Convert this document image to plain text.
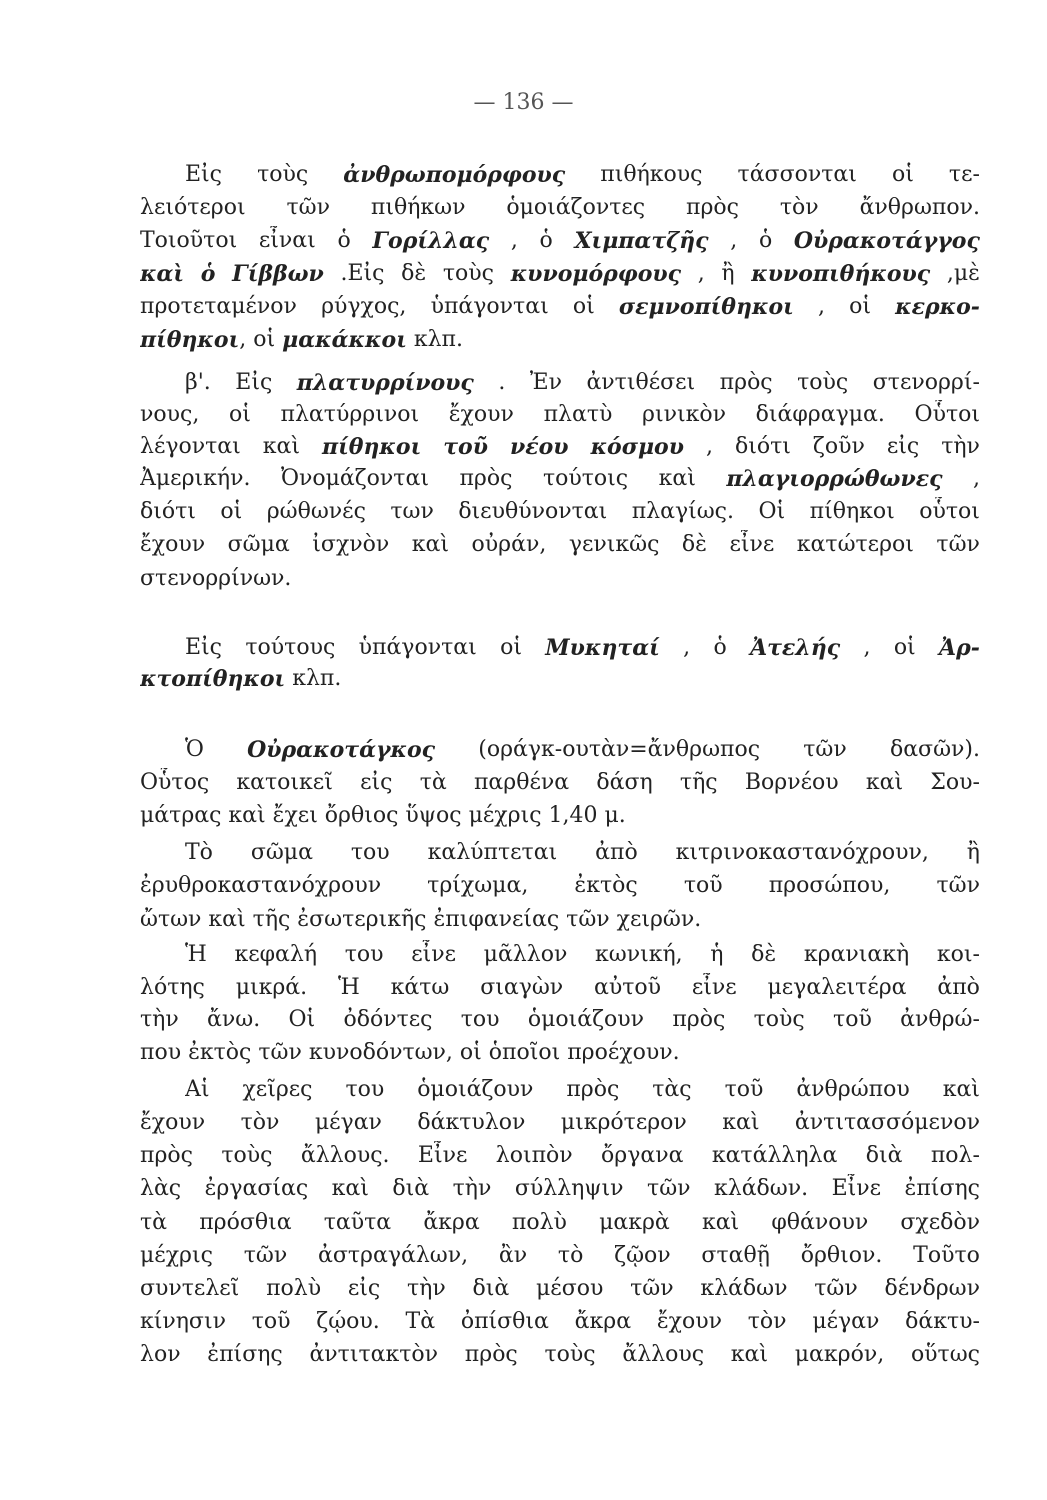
— 136 —
Εἰς τοὺς ἀνθρωπομόρφους πιθήκους τάσσονται οἱ τε-
λειότεροι τῶν πιθήκων ὁμοιάζοντες πρὸς τὸν ἄνθρωπον.
Τοιοῦτοι εἶναι ὁ Γορίλλας , ὁ Χιμπατζῆς , ὁ Οὐρακοτάγγος
καὶ ὁ Γίββων .Εἰς δὲ τοὺς κυνομόρφους , ἢ κυνοπιθήκους ,μὲ
προτεταμένον ρύγχος, ὑπάγονται οἱ σεμνοπίθηκοι , οἱ κερκο-
πίθηκοι , οἱ μακάκκοι κλπ.
β'. Εἰς πλατυρρίνους . Ἐν ἀντιθέσει πρὸς τοὺς στενορρί-
νους, οἱ πλατύρρινοι ἔχουν πλατὺ ρινικὸν διάφραγμα. Οὗτοι
λέγονται καὶ πίθηκοι τοῦ νέου κόσμου , διότι ζοῦν εἰς τὴν
Ἀμερικήν. Ὀνομάζονται πρὸς τούτοις καὶ πλαγιορρώθωνες ,
διότι οἱ ρώθωνές των διευθύνονται πλαγίως. Οἱ πίθηκοι οὗτοι
ἔχουν σῶμα ἰσχνὸν καὶ οὐράν, γενικῶς δὲ εἶνε κατώτεροι τῶν
στενορρίνων.
Εἰς τούτους ὑπάγονται οἱ Μυκηταί , ὁ Ἀτελής , οἱ Ἀρ-
κτοπίθηκοι κλπ.
Ὁ Οὐρακοτάγκος (οράγκ-ουτὰν=ἄνθρωπος τῶν δασῶν).
Οὗτος κατοικεῖ εἰς τὰ παρθένα δάση τῆς Βορνέου καὶ Σου-
μάτρας καὶ ἔχει ὄρθιος ὕψος μέχρις 1,40 μ.
Τὸ σῶμα του καλύπτεται ἀπὸ κιτρινοκαστανόχρουν, ἢ
ἐρυθροκαστανόχρουν τρίχωμα, ἐκτὸς τοῦ προσώπου, τῶν
ὤτων καὶ τῆς ἐσωτερικῆς ἐπιφανείας τῶν χειρῶν.
Ἡ κεφαλή του εἶνε μᾶλλον κωνική, ἡ δὲ κρανιακὴ κοι-
λότης μικρά. Ἡ κάτω σιαγὼν αὐτοῦ εἶνε μεγαλειτέρα ἀπὸ
τὴν ἄνω. Οἱ ὀδόντες του ὁμοιάζουν πρὸς τοὺς τοῦ ἀνθρώ-
που ἐκτὸς τῶν κυνοδόντων, οἱ ὁποῖοι προέχουν.
Αἱ χεῖρες του ὁμοιάζουν πρὸς τὰς τοῦ ἀνθρώπου καὶ
ἔχουν τὸν μέγαν δάκτυλον μικρότερον καὶ ἀντιτασσόμενον
πρὸς τοὺς ἄλλους. Εἶνε λοιπὸν ὄργανα κατάλληλα διὰ πολ-
λὰς ἐργασίας καὶ διὰ τὴν σύλληψιν τῶν κλάδων. Εἶνε ἐπίσης
τὰ πρόσθια ταῦτα ἄκρα πολὺ μακρὰ καὶ φθάνουν σχεδὸν
μέχρις τῶν ἀστραγάλων, ἂν τὸ ζῷον σταθῇ ὄρθιον. Τοῦτο
συντελεῖ πολὺ εἰς τὴν διὰ μέσου τῶν κλάδων τῶν δένδρων
κίνησιν τοῦ ζῴου. Τὰ ὀπίσθια ἄκρα ἔχουν τὸν μέγαν δάκτυ-
λον ἐπίσης ἀντιτακτὸν πρὸς τοὺς ἄλλους καὶ μακρόν, οὕτως
